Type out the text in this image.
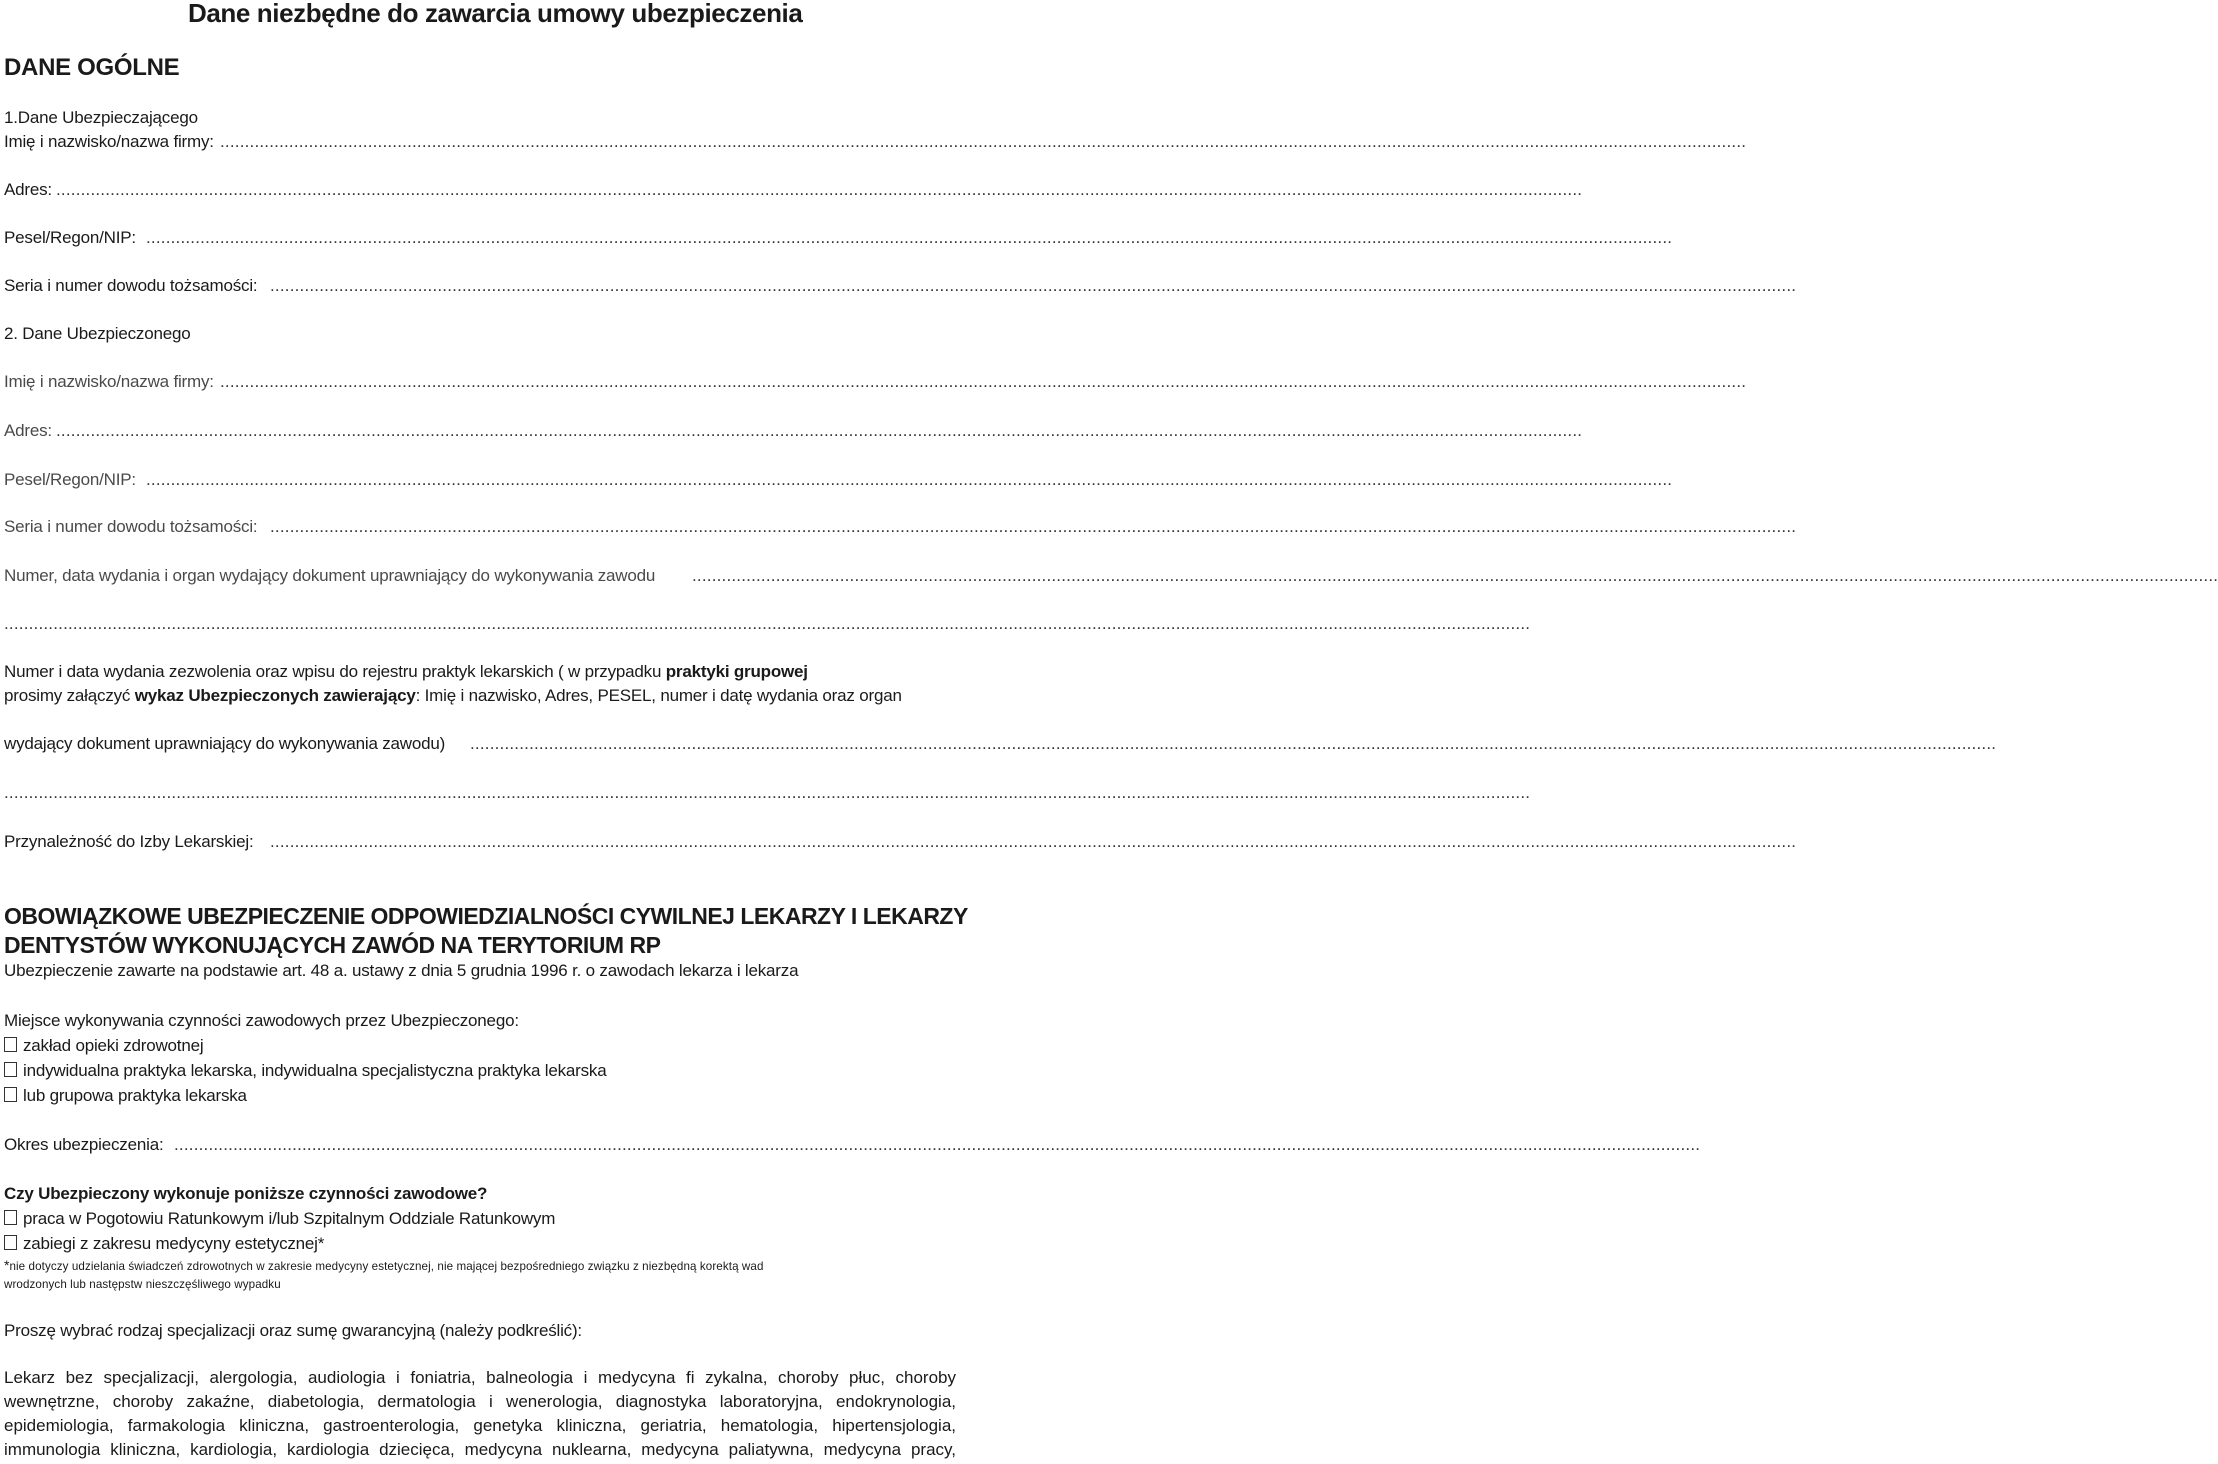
Dane niezbędne do zawarcia umowy ubezpieczenia
DANE OGÓLNE
1.Dane Ubezpieczającego
Imię i nazwisko/nazwa firmy: ......................................................................................................................................................................................................................................................................................................................
Adres: ......................................................................................................................................................................................................................................................................................................................
Pesel/Regon/NIP: ......................................................................................................................................................................................................................................................................................................................
Seria i numer dowodu tożsamości: ......................................................................................................................................................................................................................................................................................................................
2. Dane Ubezpieczonego
Imię i nazwisko/nazwa firmy: ......................................................................................................................................................................................................................................................................................................................
Adres: ......................................................................................................................................................................................................................................................................................................................
Pesel/Regon/NIP: ......................................................................................................................................................................................................................................................................................................................
Seria i numer dowodu tożsamości: ......................................................................................................................................................................................................................................................................................................................
Numer, data wydania i organ wydający dokument uprawniający do wykonywania zawodu ......................................................................................................................................................................................................................................................................................................................
......................................................................................................................................................................................................................................................................................................................
Numer i data wydania zezwolenia oraz wpisu do rejestru praktyk lekarskich ( w przypadku praktyki grupowej
prosimy załączyć wykaz Ubezpieczonych zawierający: Imię i nazwisko, Adres, PESEL, numer i datę wydania oraz organ
wydający dokument uprawniający do wykonywania zawodu) ......................................................................................................................................................................................................................................................................................................................
......................................................................................................................................................................................................................................................................................................................
Przynależność do Izby Lekarskiej: ......................................................................................................................................................................................................................................................................................................................
OBOWIĄZKOWE UBEZPIECZENIE ODPOWIEDZIALNOŚCI CYWILNEJ LEKARZY I LEKARZY
DENTYSTÓW WYKONUJĄCYCH ZAWÓD NA TERYTORIUM RP
Ubezpieczenie zawarte na podstawie art. 48 a. ustawy z dnia 5 grudnia 1996 r. o zawodach lekarza i lekarza
Miejsce wykonywania czynności zawodowych przez Ubezpieczonego:
zakład opieki zdrowotnej
indywidualna praktyka lekarska, indywidualna specjalistyczna praktyka lekarska
lub grupowa praktyka lekarska
Okres ubezpieczenia: ......................................................................................................................................................................................................................................................................................................................
Czy Ubezpieczony wykonuje poniższe czynności zawodowe?
praca w Pogotowiu Ratunkowym i/lub Szpitalnym Oddziale Ratunkowym
zabiegi z zakresu medycyny estetycznej*
*nie dotyczy udzielania świadczeń zdrowotnych w zakresie medycyny estetycznej, nie mającej bezpośredniego związku z niezbędną korektą wad
wrodzonych lub następstw nieszczęśliwego wypadku
Proszę wybrać rodzaj specjalizacji oraz sumę gwarancyjną (należy podkreślić):
Lekarz bez specjalizacji, alergologia, audiologia i foniatria, balneologia i medycyna fi zykalna, choroby płuc, choroby
wewnętrzne, choroby zakaźne, diabetologia, dermatologia i wenerologia, diagnostyka laboratoryjna, endokrynologia,
epidemiologia, farmakologia kliniczna, gastroenterologia, genetyka kliniczna, geriatria, hematologia, hipertensjologia,
immunologia kliniczna, kardiologia, kardiologia dziecięca, medycyna nuklearna, medycyna paliatywna, medycyna pracy,
